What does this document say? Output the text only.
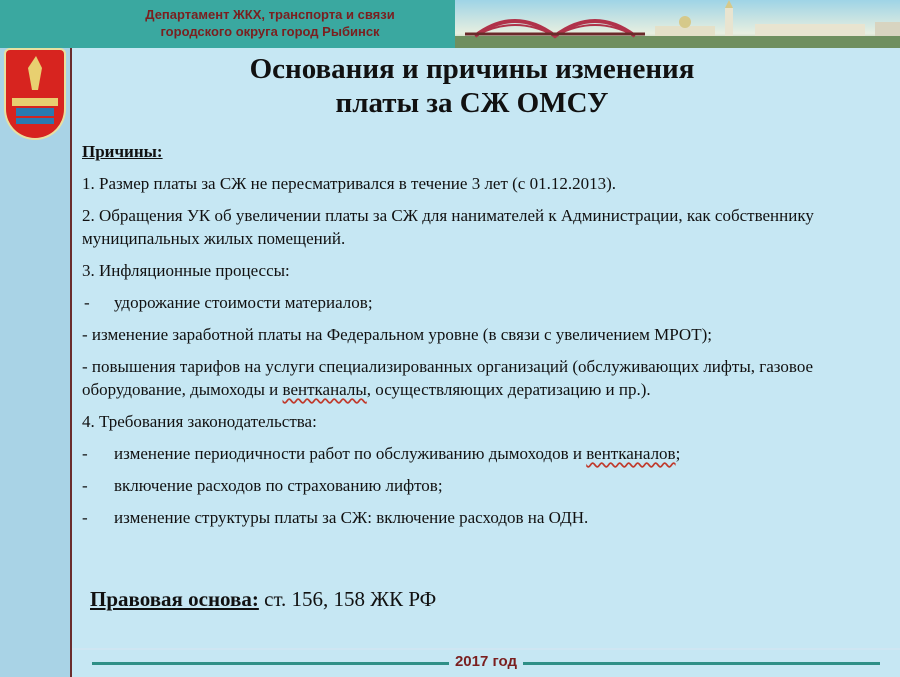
Департамент ЖКХ, транспорта и связи
городского округа город Рыбинск
Основания и причины изменения
платы за СЖ ОМСУ
Причины:
1. Размер платы за СЖ не пересматривался в течение 3 лет (с 01.12.2013).
2. Обращения УК об увеличении платы за СЖ для нанимателей к Администрации, как собственнику муниципальных жилых помещений.
3. Инфляционные процессы:
-	удорожание стоимости материалов;
- изменение заработной платы на Федеральном уровне (в связи с увеличением МРОТ);
- повышения тарифов на услуги специализированных организаций (обслуживающих лифты, газовое оборудование, дымоходы и вентканалы, осуществляющих дератизацию и пр.).
4. Требования законодательства:
-	изменение периодичности работ по обслуживанию дымоходов и вентканалов;
-	включение расходов по страхованию лифтов;
-	изменение структуры платы за СЖ: включение расходов на ОДН.
Правовая основа: ст. 156, 158 ЖК РФ
2017 год
